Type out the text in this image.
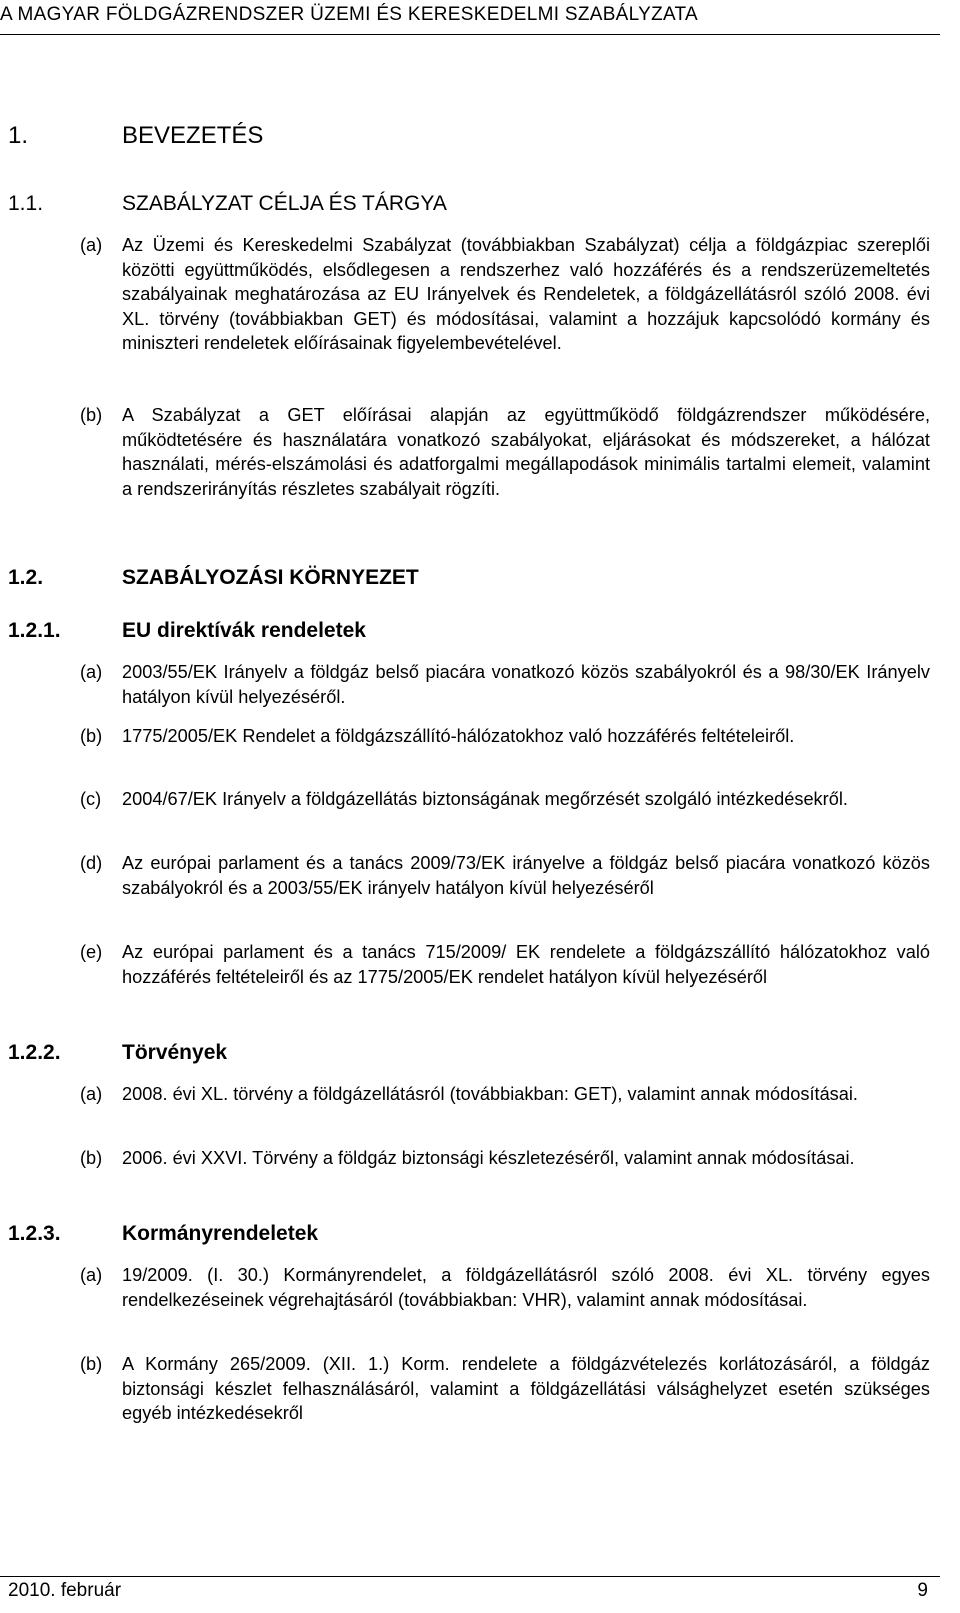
A MAGYAR FÖLDGÁZRENDSZER ÜZEMI ÉS KERESKEDELMI SZABÁLYZATA
1.	BEVEZETÉS
1.1.	SZABÁLYZAT CÉLJA ÉS TÁRGYA
(a)	Az Üzemi és Kereskedelmi Szabályzat (továbbiakban Szabályzat) célja a földgázpiac szereplői közötti együttműködés, elsődlegesen a rendszerhez való hozzáférés és a rendszerüzemeltetés szabályainak meghatározása az EU Irányelvek és Rendeletek, a földgázellátásról szóló 2008. évi XL. törvény (továbbiakban GET) és módosításai, valamint a hozzájuk kapcsolódó kormány és miniszteri rendeletek előírásainak figyelembevételével.
(b)	A Szabályzat a GET előírásai alapján az együttműködő földgázrendszer működésére, működtetésére és használatára vonatkozó szabályokat, eljárásokat és módszereket, a hálózat használati, mérés-elszámolási és adatforgalmi megállapodások minimális tartalmi elemeit, valamint a rendszerirányítás részletes szabályait rögzíti.
1.2.	SZABÁLYOZÁSI KÖRNYEZET
1.2.1.	EU direktívák rendeletek
(a)	2003/55/EK Irányelv a földgáz belső piacára vonatkozó közös szabályokról és a 98/30/EK Irányelv hatályon kívül helyezéséről.
(b)	1775/2005/EK Rendelet a földgázszállító-hálózatokhoz való hozzáférés feltételeiről.
(c)	2004/67/EK Irányelv a földgázellátás biztonságának megőrzését szolgáló intézkedésekről.
(d)	Az európai parlament és a tanács 2009/73/EK irányelve a földgáz belső piacára vonatkozó közös szabályokról és a 2003/55/EK irányelv hatályon kívül helyezéséről
(e)	Az európai parlament és a tanács 715/2009/ EK rendelete a földgázszállító hálózatokhoz való hozzáférés feltételeiről és az 1775/2005/EK rendelet hatályon kívül helyezéséről
1.2.2.	Törvények
(a)	2008. évi XL. törvény a földgázellátásról (továbbiakban: GET), valamint annak módosításai.
(b)	2006. évi XXVI. Törvény a földgáz biztonsági készletezéséről, valamint annak módosításai.
1.2.3.	Kormányrendeletek
(a)	19/2009. (I. 30.) Kormányrendelet, a földgázellátásról szóló 2008. évi XL. törvény egyes rendelkezéseinek végrehajtásáról (továbbiakban: VHR), valamint annak módosításai.
(b)	A Kormány 265/2009. (XII. 1.) Korm. rendelete a földgázvételezés korlátozásáról, a földgáz biztonsági készlet felhasználásáról, valamint a földgázellátási válsághelyzet esetén szükséges egyéb intézkedésekről
2010. február	9
